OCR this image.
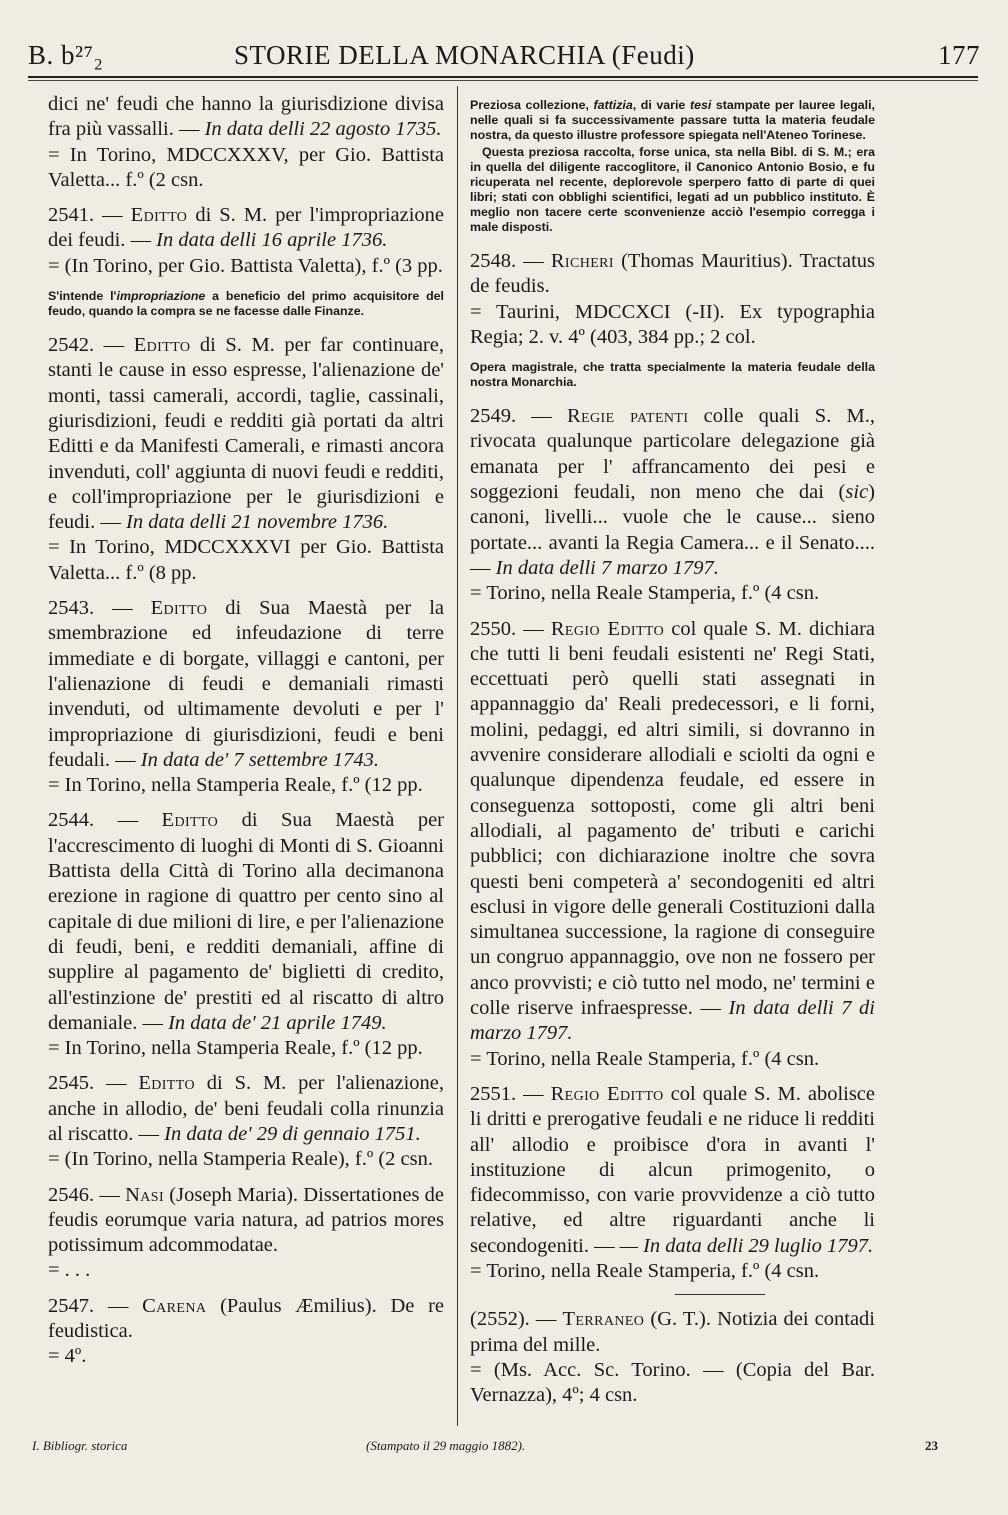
B. b²⁷₂	STORIE DELLA MONARCHIA (Feudi)	177

dici ne' feudi che hanno la giurisdizione divisa fra più vassalli. — In data delli 22 agosto 1735.
= In Torino, MDCCXXXV, per Gio. Battista Valetta... f.º (2 csn.

2541. — Editto di S. M. per l'impropriazione dei feudi. — In data delli 16 aprile 1736.
= (In Torino, per Gio. Battista Valetta), f.º (3 pp.

S'intende l'impropriazione a beneficio del primo acquisitore del feudo, quando la compra se ne facesse dalle Finanze.

2542. — Editto di S. M. per far continuare, stanti le cause in esso espresse, l'alienazione de' monti, tassi camerali, accordi, taglie, cassinali, giurisdizioni, feudi e redditi già portati da altri Editti e da Manifesti Camerali, e rimasti ancora invenduti, coll' aggiunta di nuovi feudi e redditi, e coll'impropriazione per le giurisdizioni e feudi. — In data delli 21 novembre 1736.
= In Torino, MDCCXXXVI per Gio. Battista Valetta... f.º (8 pp.

2543. — Editto di Sua Maestà per la smembrazione ed infeudazione di terre immediate e di borgate, villaggi e cantoni, per l'alienazione di feudi e demaniali rimasti invenduti, od ultimamente devoluti e per l' impropriazione di giurisdizioni, feudi e beni feudali. — In data de' 7 settembre 1743.
= In Torino, nella Stamperia Reale, f.º (12 pp.

2544. — Editto di Sua Maestà per l'accrescimento di luoghi di Monti di S. Gioanni Battista della Città di Torino alla decimanona erezione in ragione di quattro per cento sino al capitale di due milioni di lire, e per l'alienazione di feudi, beni, e redditi demaniali, affine di supplire al pagamento de' biglietti di credito, all'estinzione de' prestiti ed al riscatto di altro demaniale. — In data de' 21 aprile 1749.
= In Torino, nella Stamperia Reale, f.º (12 pp.

2545. — Editto di S. M. per l'alienazione, anche in allodio, de' beni feudali colla rinunzia al riscatto. — In data de' 29 di gennaio 1751.
= (In Torino, nella Stamperia Reale), f.º (2 csn.

2546. — Nasi (Joseph Maria). Dissertationes de feudis eorumque varia natura, ad patrios mores potissimum adcommodatae.
= . . .

2547. — Carena (Paulus Æmilius). De re feudistica.
= 4º.

Preziosa collezione, fattizia, di varie tesi stampate per lauree legali, nelle quali si fa successivamente passare tutta la materia feudale nostra, da questo illustre professore spiegata nell'Ateneo Torinese.

Questa preziosa raccolta, forse unica, sta nella Bibl. di S. M.; era in quella del diligente raccoglitore, il Canonico Antonio Bosio, e fu ricuperata nel recente, deplorevole sperpero fatto di parte di quei libri; stati con obblighi scientifici, legati ad un pubblico instituto. È meglio non tacere certe sconvenienze acciò l'esempio corregga i male disposti.

2548. — Richeri (Thomas Mauritius). Tractatus de feudis.
= Taurini, MDCCXCI (-II). Ex typographia Regia; 2. v. 4º (403, 384 pp.; 2 col.

Opera magistrale, che tratta specialmente la materia feudale della nostra Monarchia.

2549. — Regie patenti colle quali S. M., rivocata qualunque particolare delegazione già emanata per l' affrancamento dei pesi e soggezioni feudali, non meno che dai (sic) canoni, livelli... vuole che le cause... sieno portate... avanti la Regia Camera... e il Senato.... — In data delli 7 marzo 1797.
= Torino, nella Reale Stamperia, f.º (4 csn.

2550. — Regio Editto col quale S. M. dichiara che tutti li beni feudali esistenti ne' Regi Stati, eccettuati però quelli stati assegnati in appannaggio da' Reali predecessori, e li forni, molini, pedaggi, ed altri simili, si dovranno in avvenire considerare allodiali e sciolti da ogni e qualunque dipendenza feudale, ed essere in conseguenza sottoposti, come gli altri beni allodiali, al pagamento de' tributi e carichi pubblici; con dichiarazione inoltre che sovra questi beni competerà a' secondogeniti ed altri esclusi in vigore delle generali Costituzioni dalla simultanea successione, la ragione di conseguire un congruo appannaggio, ove non ne fossero per anco provvisti; e ciò tutto nel modo, ne' termini e colle riserve infraespresse. — In data delli 7 di marzo 1797.
= Torino, nella Reale Stamperia, f.º (4 csn.

2551. — Regio Editto col quale S. M. abolisce li dritti e prerogative feudali e ne riduce li redditi all' allodio e proibisce d'ora in avanti l' instituzione di alcun primogenito, o fidecommisso, con varie provvidenze a ciò tutto relative, ed altre riguardanti anche li secondogeniti. — — In data delli 29 luglio 1797.
= Torino, nella Reale Stamperia, f.º (4 csn.

(2552). — Terraneo (G. T.). Notizia dei contadi prima del mille.
= (Ms. Acc. Sc. Torino. — (Copia del Bar. Vernazza), 4º; 4 csn.

I. Bibliogr. storica	(Stampato il 29 maggio 1882).	23
